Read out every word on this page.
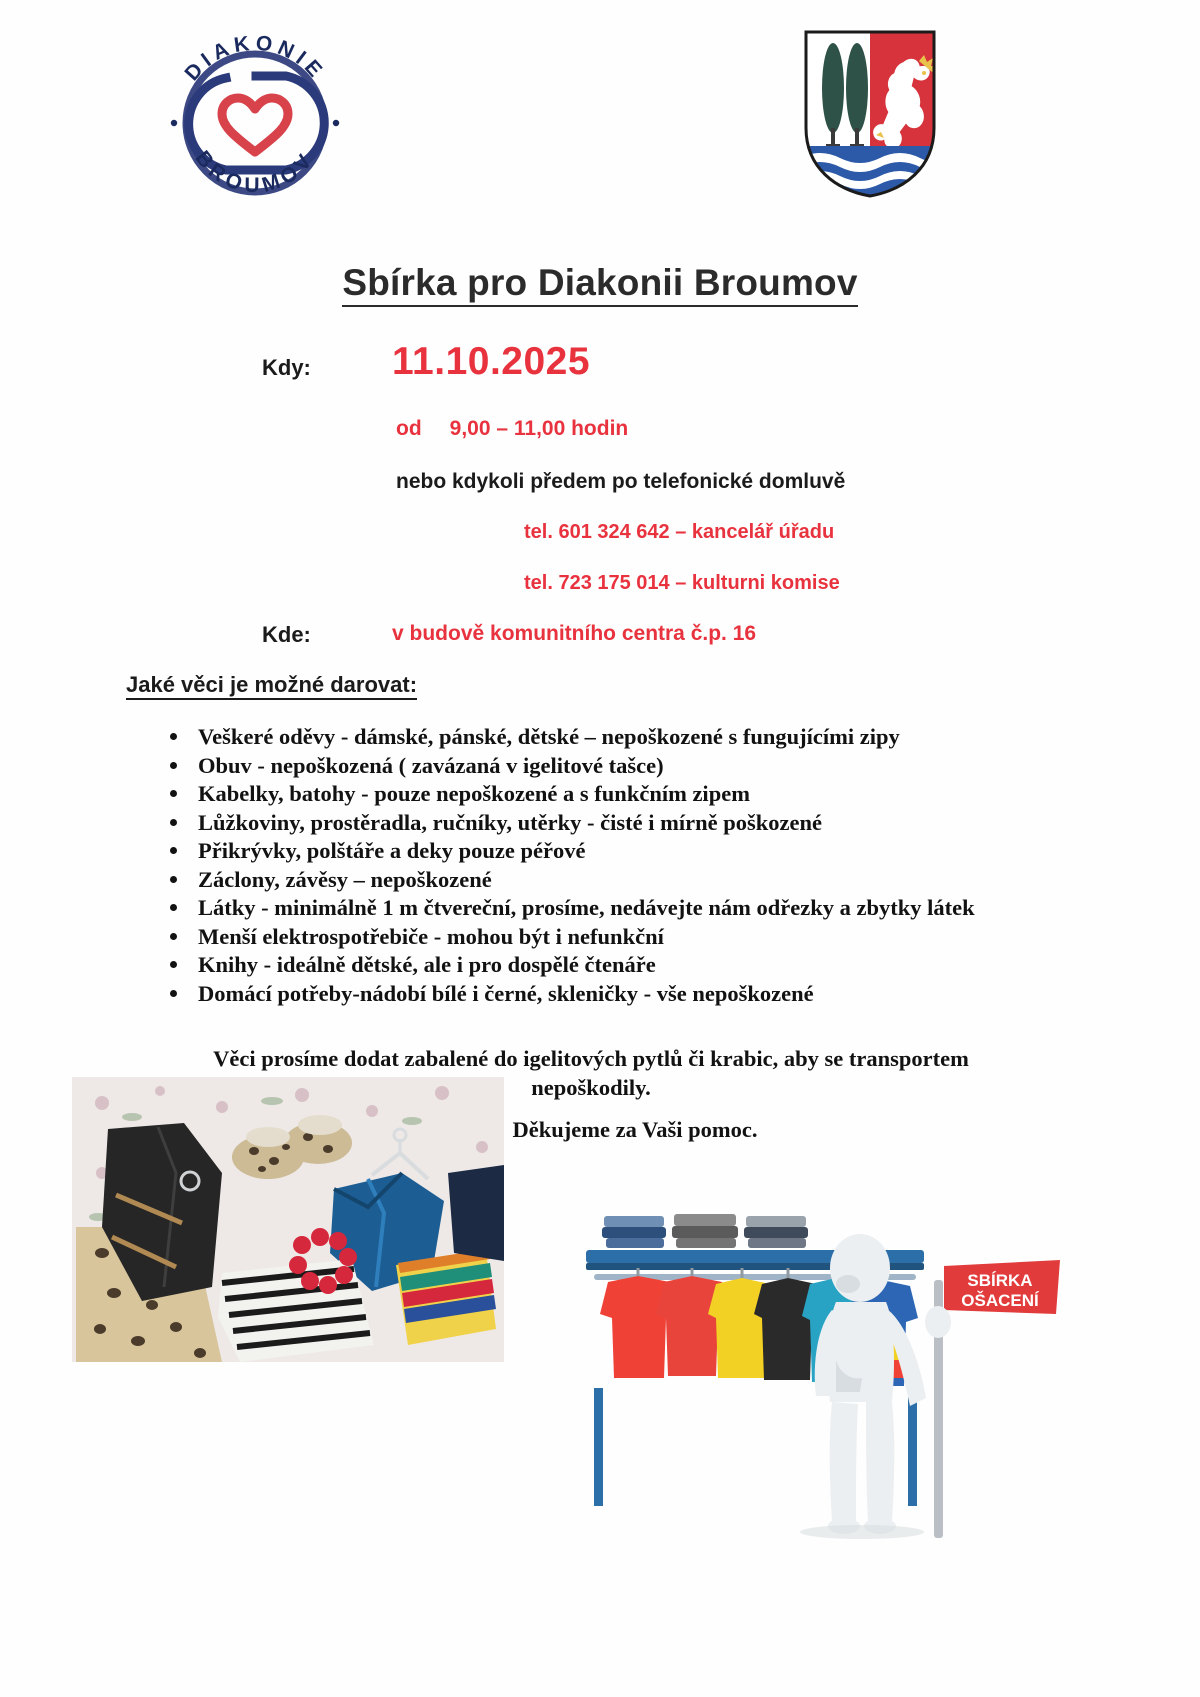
DIAKONIE
BROUMOV
Sbírka pro Diakonii Broumov
Kdy: 11.10.2025
od 9,00 – 11,00 hodin
nebo kdykoli předem po telefonické domluvě
tel. 601 324 642 – kancelář úřadu
tel. 723 175 014 – kulturni komise
Kde:	v budově komunitního centra č.p. 16
Jaké věci je možné darovat:
Veškeré oděvy - dámské, pánské, dětské – nepoškozené s fungujícími zipy
Obuv - nepoškozená ( zavázaná v igelitové tašce)
Kabelky, batohy - pouze nepoškozené a s funkčním zipem
Lůžkoviny, prostěradla, ručníky, utěrky - čisté i mírně poškozené
Přikrývky, polštáře a deky pouze péřové
Záclony, závěsy – nepoškozené
Látky - minimálně 1 m čtvereční, prosíme, nedávejte nám odřezky a zbytky látek
Menší elektrospotřebiče - mohou být i nefunkční
Knihy - ideálně dětské, ale i pro dospělé čtenáře
Domácí potřeby-nádobí bílé i černé, skleničky - vše nepoškozené
Věci prosíme dodat zabalené do igelitových pytlů či krabic, aby se transportem nepoškodily.
Děkujeme za Vaši pomoc.
SBÍRKA
OŠACENÍ
